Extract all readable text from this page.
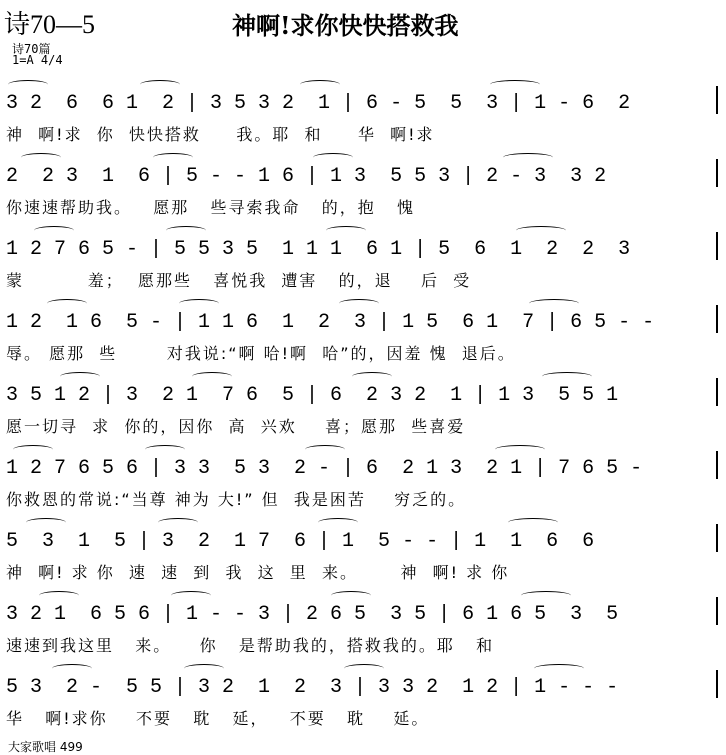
诗70—5	神啊!求你快快搭救我
诗70篇
1=A 4/4
3 2  6  6 1  2 | 3 5 3 2  1 | 6 - 5  5  3 | 1 - 6  2
神  啊!求  你  快快搭救     我。耶  和     华  啊!求
2  2 3  1  6 | 5 - - 1 6 | 1 3  5 5 3 | 2 - 3  3 2
你速速帮助我。   愿那   些寻索我命   的，抱   愧
1 2 7 6 5 - | 5 5 3 5  1 1 1  6 1 | 5  6  1  2  2  3
蒙         羞；  愿那些   喜悦我  遭害   的，退    后  受
1 2  1 6  5 - | 1 1 6  1  2  3 | 1 5  6 1  7 | 6 5 - -
辱。 愿那  些       对我说:“啊 哈!啊  哈”的，因羞 愧  退后。
3 5 1 2 | 3  2 1  7 6  5 | 6  2 3 2  1 | 1 3  5 5 1
愿一切寻  求  你的，因你  高  兴欢    喜；愿那  些喜爱
1 2 7 6 5 6 | 3 3  5 3  2 - | 6  2 1 3  2 1 | 7 6 5 -
你救恩的常说:“当尊 神为 大!” 但  我是困苦    穷乏的。
5  3  1  5 | 3  2  1 7  6 | 1  5 - - | 1  1  6  6
神  啊! 求 你  速  速  到  我  这  里  来。      神  啊! 求 你
3 2 1  6 5 6 | 1 - - 3 | 2 6 5  3 5 | 6 1 6 5  3  5
速速到我这里   来。    你   是帮助我的，搭救我的。耶   和
5 3  2 -  5 5 | 3 2  1  2  3 | 3 3 2  1 2 | 1 - - -
华   啊!求你    不要   耽   延，   不要   耽    延。
大家歌唱 499
